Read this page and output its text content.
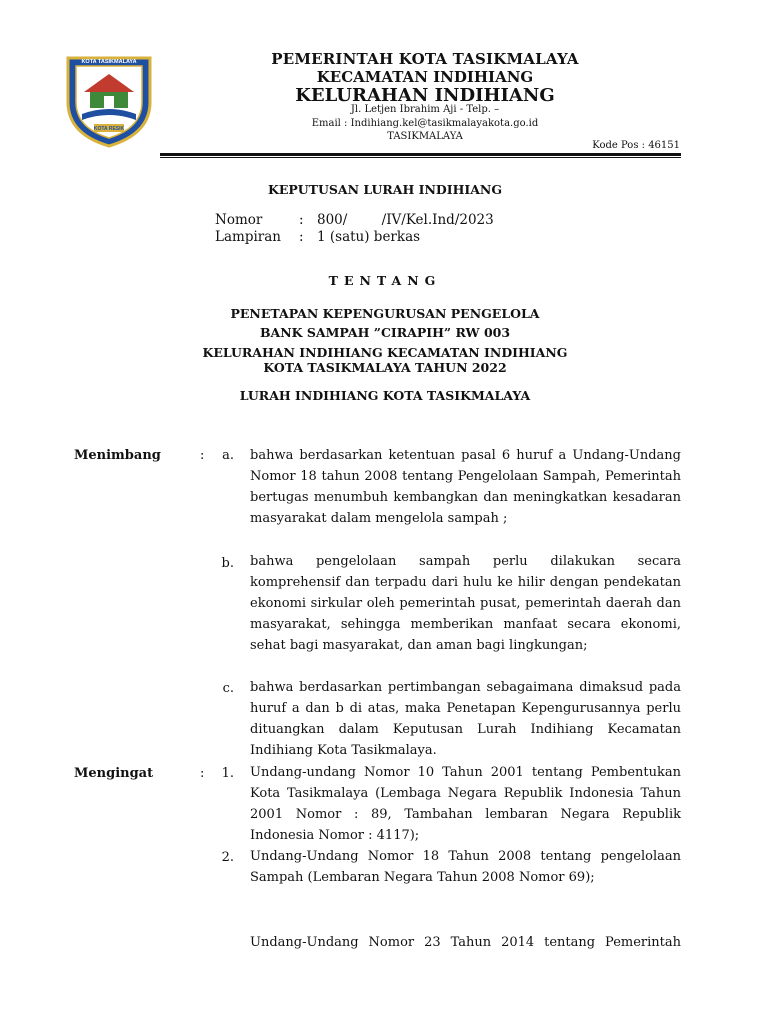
KOTA TASIKMALAYA
KOTA RESIK
PEMERINTAH KOTA TASIKMALAYA
KECAMATAN INDIHIANG
KELURAHAN INDIHIANG
Jl. Letjen Ibrahim Aji - Telp. –
Email : Indihiang.kel@tasikmalayakota.go.id
TASIKMALAYA
Kode Pos : 46151
KEPUTUSAN LURAH INDIHIANG
Nomor	: 800/        /IV/Kel.Ind/2023
Lampiran : 1 (satu) berkas
TENTANG
PENETAPAN KEPENGURUSAN PENGELOLA
BANK SAMPAH ”CIRAPIH” RW 003
KELURAHAN INDIHIANG KECAMATAN INDIHIANG
KOTA TASIKMALAYA TAHUN 2022
LURAH INDIHIANG KOTA TASIKMALAYA
Menimbang	:	a. bahwa berdasarkan ketentuan pasal 6 huruf a Undang-Undang Nomor 18 tahun 2008 tentang Pengelolaan Sampah, Pemerintah bertugas menumbuh kembangkan dan meningkatkan kesadaran masyarakat dalam mengelola sampah ;
b. bahwa pengelolaan sampah perlu dilakukan secara komprehensif dan terpadu dari hulu ke hilir dengan pendekatan ekonomi sirkular oleh pemerintah pusat, pemerintah daerah dan masyarakat, sehingga memberikan manfaat secara ekonomi, sehat bagi masyarakat, dan aman bagi lingkungan;
c. bahwa berdasarkan pertimbangan sebagaimana dimaksud pada huruf a dan b di atas, maka Penetapan Kepengurusannya perlu dituangkan dalam Keputusan Lurah Indihiang Kecamatan Indihiang Kota Tasikmalaya.
Mengingat	:	1. Undang-undang Nomor 10 Tahun 2001 tentang Pembentukan Kota Tasikmalaya (Lembaga Negara Republik Indonesia Tahun 2001 Nomor : 89, Tambahan lembaran Negara Republik Indonesia Nomor : 4117);
2. Undang-Undang Nomor 18 Tahun 2008 tentang pengelolaan Sampah (Lembaran Negara Tahun 2008 Nomor 69);
Undang-Undang Nomor 23 Tahun 2014 tentang Pemerintah
